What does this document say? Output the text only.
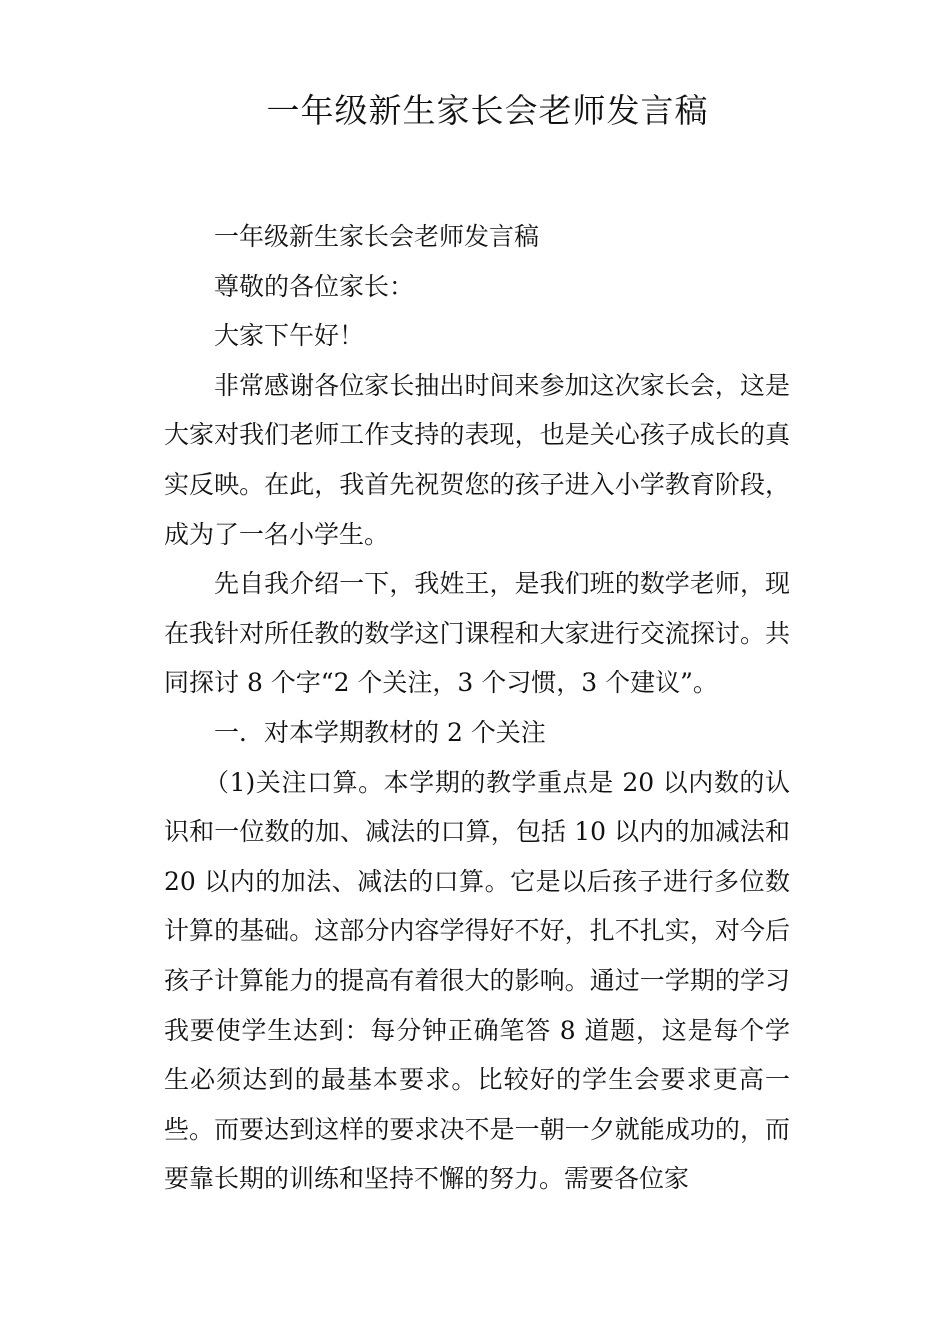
一年级新生家长会老师发言稿

一年级新生家长会老师发言稿

尊敬的各位家长：

大家下午好！

非常感谢各位家长抽出时间来参加这次家长会，这是大家对我们老师工作支持的表现，也是关心孩子成长的真实反映。在此，我首先祝贺您的孩子进入小学教育阶段，成为了一名小学生。

先自我介绍一下，我姓王，是我们班的数学老师，现在我针对所任教的数学这门课程和大家进行交流探讨。共同探讨 8 个字“2 个关注，3 个习惯，3 个建议”。

一．对本学期教材的 2 个关注

（1)关注口算。本学期的教学重点是 20 以内数的认识和一位数的加、减法的口算，包括 10 以内的加减法和 20 以内的加法、减法的口算。它是以后孩子进行多位数计算的基础。这部分内容学得好不好，扎不扎实，对今后孩子计算能力的提高有着很大的影响。通过一学期的学习我要使学生达到：每分钟正确笔答 8 道题，这是每个学生必须达到的最基本要求。比较好的学生会要求更高一些。而要达到这样的要求决不是一朝一夕就能成功的，而要靠长期的训练和坚持不懈的努力。需要各位家
